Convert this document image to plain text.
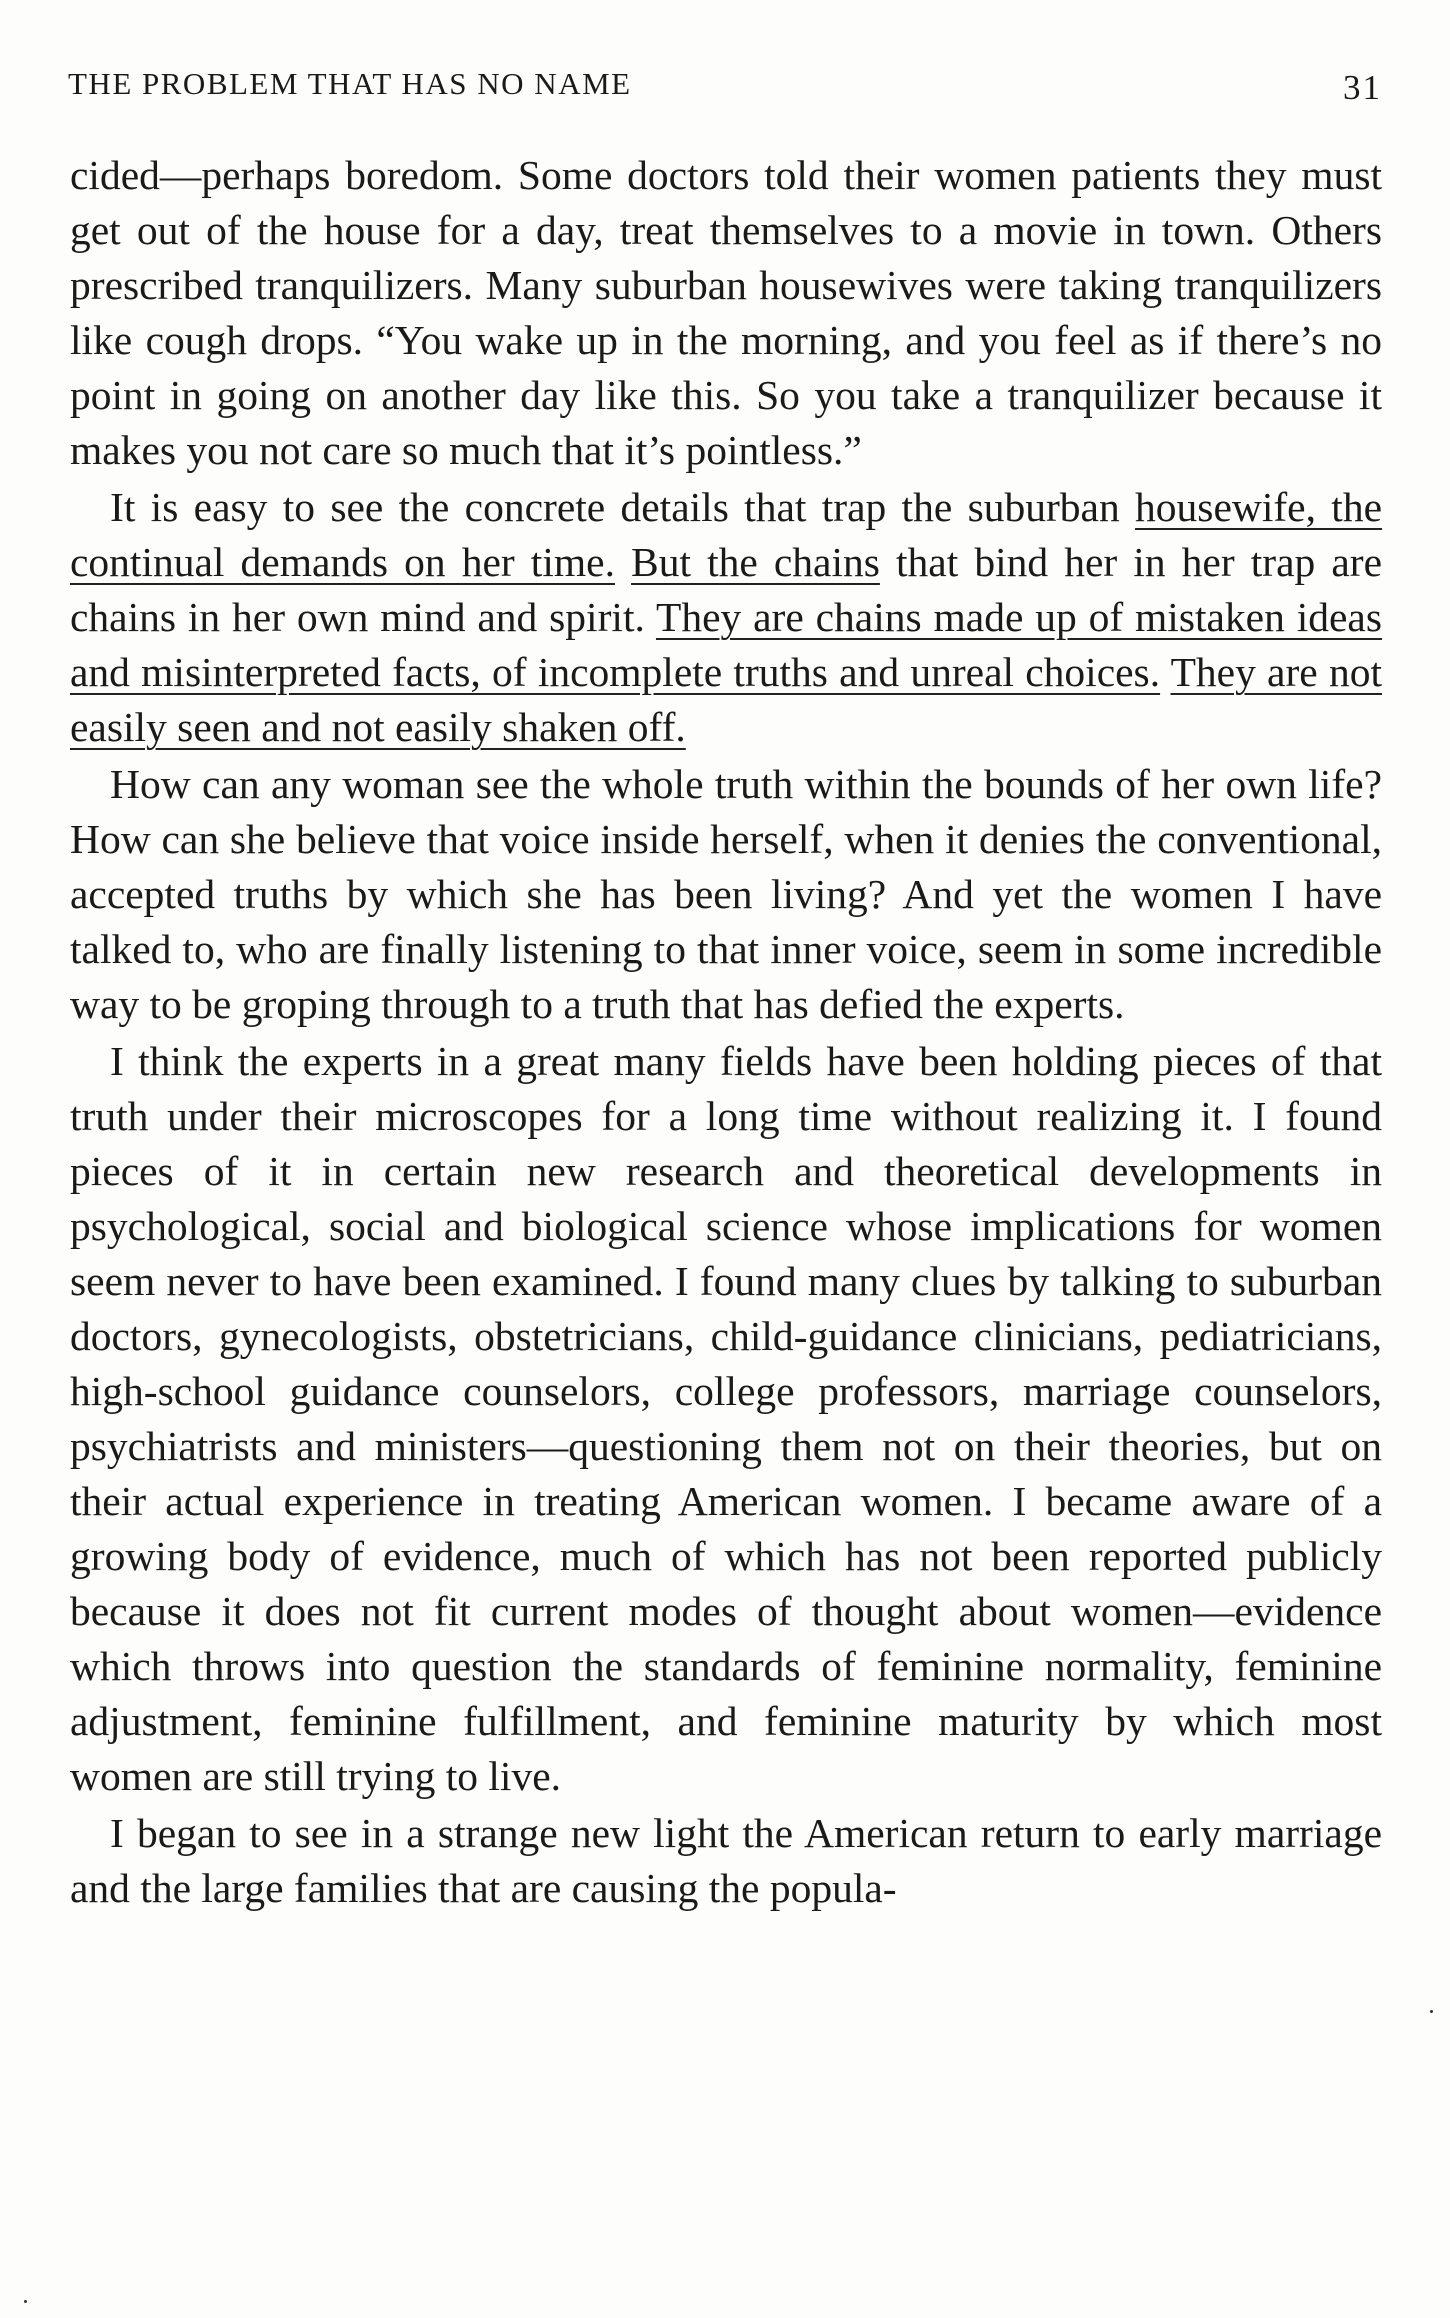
THE PROBLEM THAT HAS NO NAME	31

cided—perhaps boredom. Some doctors told their women patients they must get out of the house for a day, treat themselves to a movie in town. Others prescribed tranquilizers. Many suburban housewives were taking tranquilizers like cough drops. “You wake up in the morning, and you feel as if there’s no point in going on another day like this. So you take a tranquilizer because it makes you not care so much that it’s pointless.”

It is easy to see the concrete details that trap the suburban housewife, the continual demands on her time. But the chains that bind her in her trap are chains in her own mind and spirit. They are chains made up of mistaken ideas and misinterpreted facts, of incomplete truths and unreal choices. They are not easily seen and not easily shaken off.

How can any woman see the whole truth within the bounds of her own life? How can she believe that voice inside herself, when it denies the conventional, accepted truths by which she has been living? And yet the women I have talked to, who are finally listening to that inner voice, seem in some incredible way to be groping through to a truth that has defied the experts.

I think the experts in a great many fields have been holding pieces of that truth under their microscopes for a long time without realizing it. I found pieces of it in certain new research and theoretical developments in psychological, social and biological science whose implications for women seem never to have been examined. I found many clues by talking to suburban doctors, gynecologists, obstetricians, child-guidance clinicians, pediatricians, high-school guidance counselors, college professors, marriage counselors, psychiatrists and ministers—questioning them not on their theories, but on their actual experience in treating American women. I became aware of a growing body of evidence, much of which has not been reported publicly because it does not fit current modes of thought about women—evidence which throws into question the standards of feminine normality, feminine adjustment, feminine fulfillment, and feminine maturity by which most women are still trying to live.

I began to see in a strange new light the American return to early marriage and the large families that are causing the popula-
